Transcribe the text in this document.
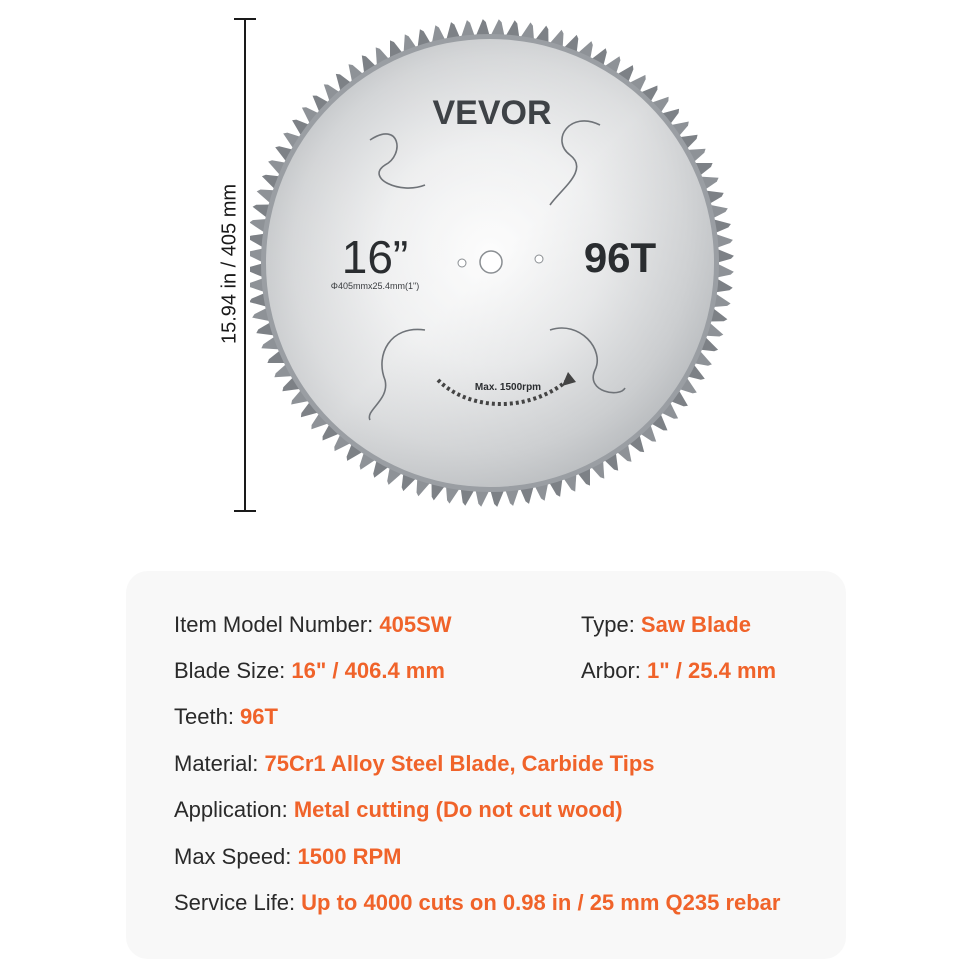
15.94 in / 405 mm
VEVOR
16”
Φ405mmx25.4mm(1")
96T
Max. 1500rpm
Item Model Number: 405SW	Type: Saw Blade
Blade Size: 16" / 406.4 mm	Arbor: 1" / 25.4 mm
Teeth: 96T
Material: 75Cr1 Alloy Steel Blade, Carbide Tips
Application: Metal cutting (Do not cut wood)
Max Speed: 1500 RPM
Service Life: Up to 4000 cuts on 0.98 in / 25 mm Q235 rebar
